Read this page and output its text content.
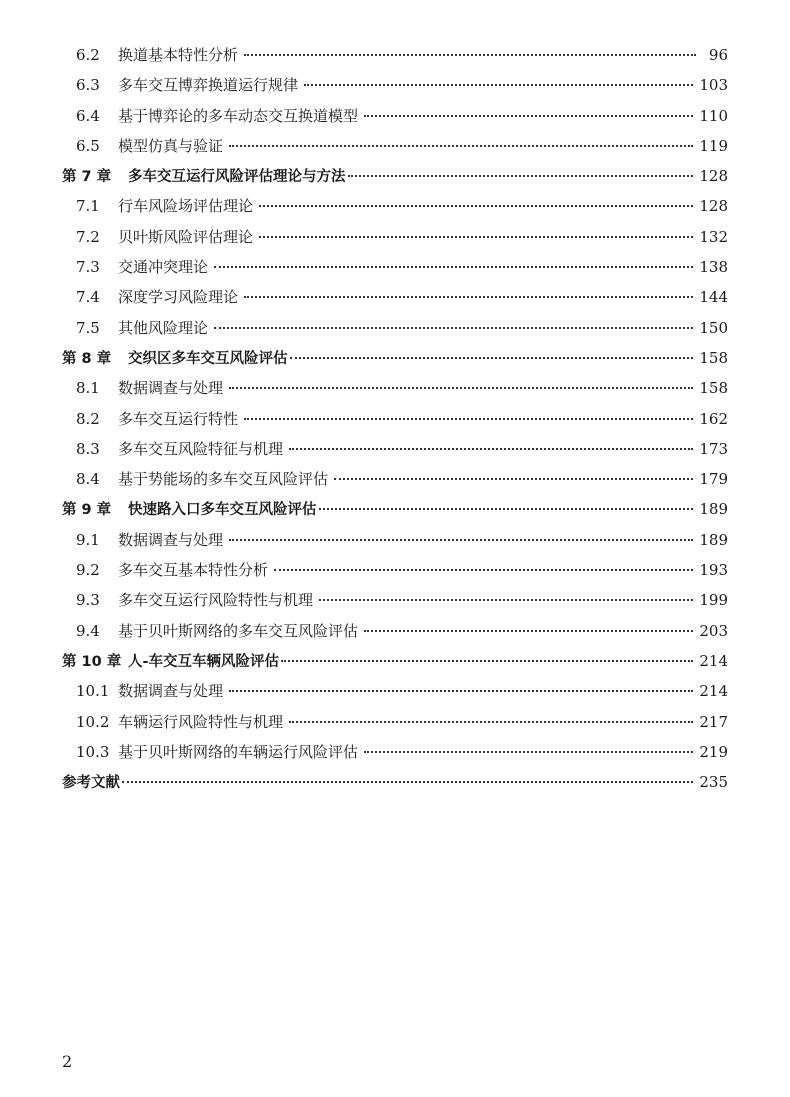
6.2	换道基本特性分析	96
6.3	多车交互博弈换道运行规律	103
6.4	基于博弈论的多车动态交互换道模型	110
6.5	模型仿真与验证	119
第 7 章	多车交互运行风险评估理论与方法	128
7.1	行车风险场评估理论	128
7.2	贝叶斯风险评估理论	132
7.3	交通冲突理论	138
7.4	深度学习风险理论	144
7.5	其他风险理论	150
第 8 章	交织区多车交互风险评估	158
8.1	数据调查与处理	158
8.2	多车交互运行特性	162
8.3	多车交互风险特征与机理	173
8.4	基于势能场的多车交互风险评估	179
第 9 章	快速路入口多车交互风险评估	189
9.1	数据调查与处理	189
9.2	多车交互基本特性分析	193
9.3	多车交互运行风险特性与机理	199
9.4	基于贝叶斯网络的多车交互风险评估	203
第 10 章 人-车交互车辆风险评估	214
10.1 数据调查与处理	214
10.2 车辆运行风险特性与机理	217
10.3 基于贝叶斯网络的车辆运行风险评估	219
参考文献	235
2
